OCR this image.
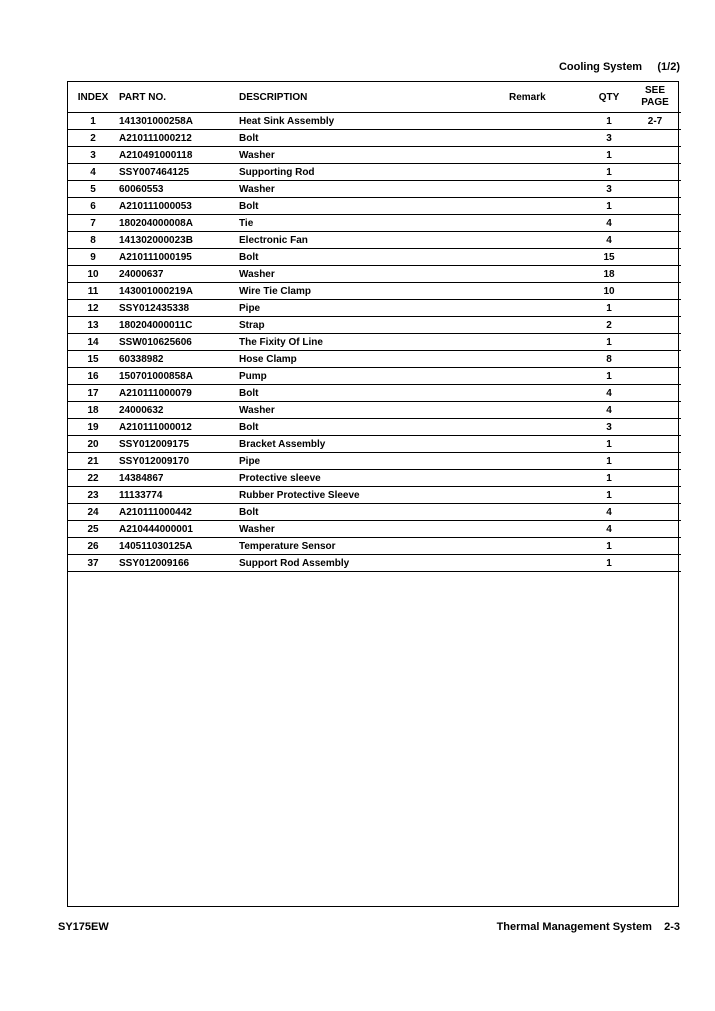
Cooling System (1/2)
INDEX	PART NO.	DESCRIPTION	Remark	QTY	SEE PAGE
1	141301000258A	Heat Sink Assembly		1	2-7
2	A210111000212	Bolt		3	
3	A210491000118	Washer		1	
4	SSY007464125	Supporting Rod		1	
5	60060553	Washer		3	
6	A210111000053	Bolt		1	
7	180204000008A	Tie		4	
8	141302000023B	Electronic Fan		4	
9	A210111000195	Bolt		15	
10	24000637	Washer		18	
11	143001000219A	Wire Tie Clamp		10	
12	SSY012435338	Pipe		1	
13	180204000011C	Strap		2	
14	SSW010625606	The Fixity Of Line		1	
15	60338982	Hose Clamp		8	
16	150701000858A	Pump		1	
17	A210111000079	Bolt		4	
18	24000632	Washer		4	
19	A210111000012	Bolt		3	
20	SSY012009175	Bracket Assembly		1	
21	SSY012009170	Pipe		1	
22	14384867	Protective sleeve		1	
23	11133774	Rubber Protective Sleeve		1	
24	A210111000442	Bolt		4	
25	A210444000001	Washer		4	
26	140511030125A	Temperature Sensor		1	
37	SSY012009166	Support Rod Assembly		1	
SY175EW	Thermal Management System 2-3
